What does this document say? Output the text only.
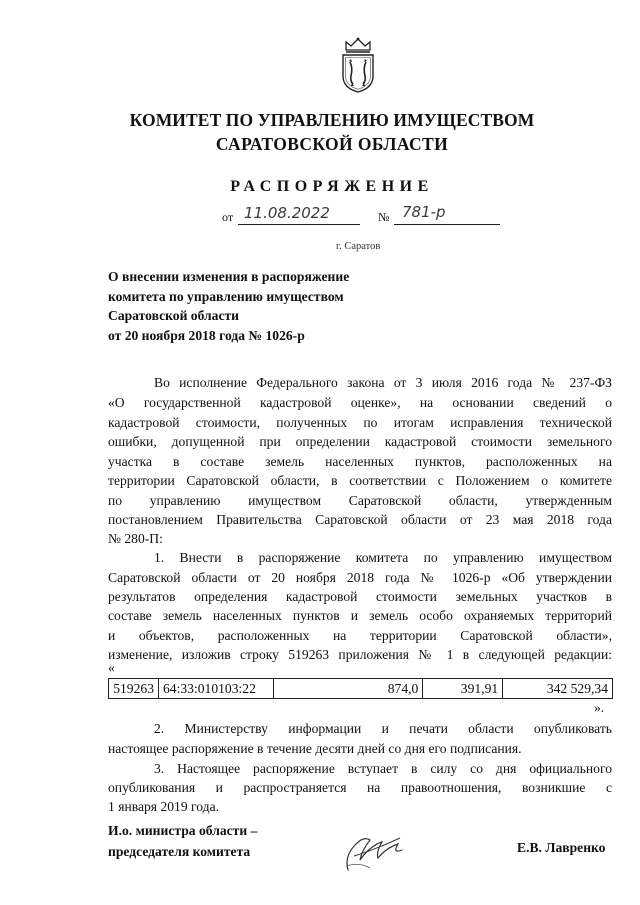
КОМИТЕТ ПО УПРАВЛЕНИЮ ИМУЩЕСТВОМ
САРАТОВСКОЙ ОБЛАСТИ
РАСПОРЯЖЕНИЕ
от 11.08.2022	№ 781-р
г. Саратов
О внесении изменения в распоряжение
комитета по управлению имуществом
Саратовской области
от 20 ноября 2018 года № 1026-р
Во исполнение Федерального закона от 3 июля 2016 года № 237-ФЗ
«О государственной кадастровой оценке», на основании сведений о
кадастровой стоимости, полученных по итогам исправления технической
ошибки, допущенной при определении кадастровой стоимости земельного
участка в составе земель населенных пунктов, расположенных на
территории Саратовской области, в соответствии с Положением о комитете
по управлению имуществом Саратовской области, утвержденным
постановлением Правительства Саратовской области от 23 мая 2018 года
№ 280-П:
1. Внести в распоряжение комитета по управлению имуществом
Саратовской области от 20 ноября 2018 года № 1026-р «Об утверждении
результатов определения кадастровой стоимости земельных участков в
составе земель населенных пунктов и земель особо охраняемых территорий
и объектов, расположенных на территории Саратовской области»,
изменение, изложив строку 519263 приложения № 1 в следующей редакции:
«
519263	64:33:010103:22	874,0	391,91	342 529,34
».
2. Министерству информации и печати области опубликовать
настоящее распоряжение в течение десяти дней со дня его подписания.
3. Настоящее распоряжение вступает в силу со дня официального
опубликования и распространяется на правоотношения, возникшие с
1 января 2019 года.
И.о. министра области –
председателя комитета	Е.В. Лавренко
